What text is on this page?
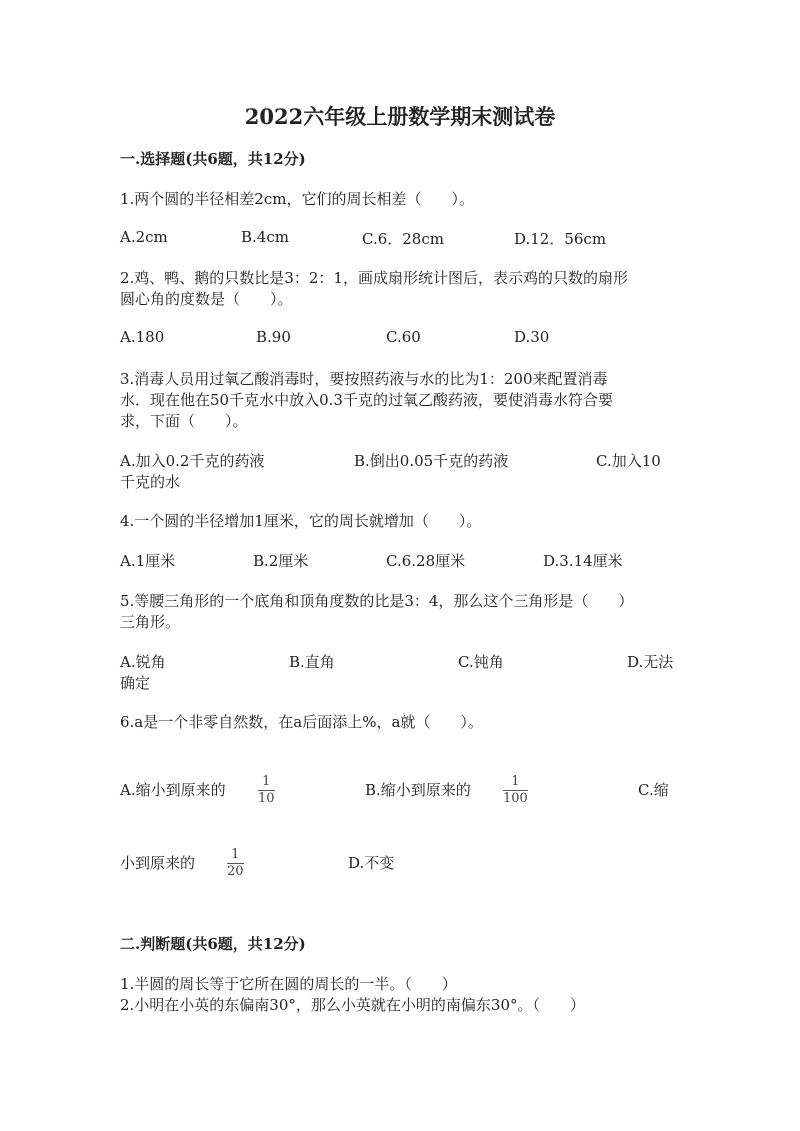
2022六年级上册数学期末测试卷
一.选择题(共6题，共12分)
1.两个圆的半径相差2cm，它们的周长相差（　　）。
A.2cm	B.4cm	C.6．28cm	D.12．56cm
2.鸡、鸭、鹅的只数比是3：2：1，画成扇形统计图后，表示鸡的只数的扇形
圆心角的度数是（　　）。
A.180	B.90	C.60	D.30
3.消毒人员用过氧乙酸消毒时，要按照药液与水的比为1：200来配置消毒
水．现在他在50千克水中放入0.3千克的过氧乙酸药液，要使消毒水符合要
求，下面（　　）。
A.加入0.2千克的药液	B.倒出0.05千克的药液	C.加入10
千克的水
4.一个圆的半径增加1厘米，它的周长就增加（　　）。
A.1厘米	B.2厘米	C.6.28厘米	D.3.14厘米
5.等腰三角形的一个底角和顶角度数的比是3：4，那么这个三角形是（　　）
三角形。
A.锐角	B.直角	C.钝角	D.无法
确定
6.a是一个非零自然数，在a后面添上%，a就（　　）。
A.缩小到原来的	1
10	B.缩小到原来的	1
100	C.缩
小到原来的	1
20	D.不变
二.判断题(共6题，共12分)
1.半圆的周长等于它所在圆的周长的一半。（　　）
2.小明在小英的东偏南30°，那么小英就在小明的南偏东30°。（　　）
